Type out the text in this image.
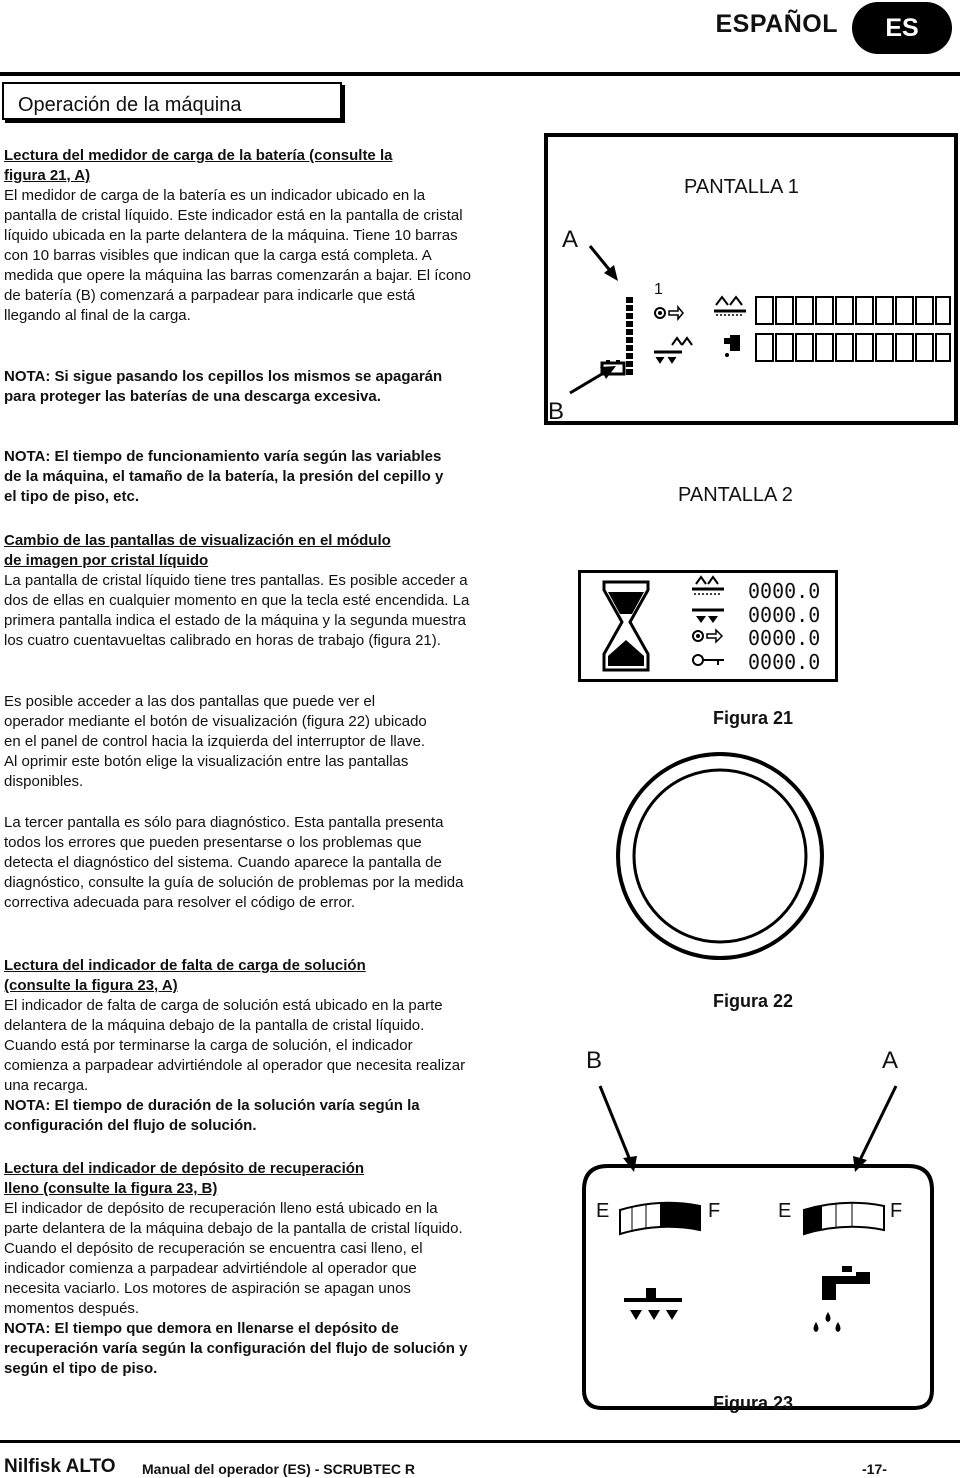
ESPAÑOL	ES
Operación de la máquina

Lectura del medidor de carga de la batería (consulte la

figura 21, A)

El medidor de carga de la batería es un indicador ubicado en la pantalla de cristal líquido. Este indicador está en la pantalla de cristal líquido ubicada en la parte delantera de la máquina. Tiene 10 barras con 10 barras visibles que indican que la carga está completa. A medida que opere la máquina las barras comenzarán a bajar. El ícono de batería (B) comenzará a parpadear para indicarle que está llegando al final de la carga.

NOTA: Si sigue pasando los cepillos los mismos se apagarán para proteger las baterías de una descarga excesiva.
NOTA: El tiempo de funcionamiento varía según las variables de la máquina, el tamaño de la batería, la presión del cepillo y el tipo de piso, etc.

Cambio de las pantallas de visualización en el módulo

de imagen por cristal líquido

La pantalla de cristal líquido tiene tres pantallas. Es posible acceder a dos de ellas en cualquier momento en que la tecla esté encendida. La primera pantalla indica el estado de la máquina y la segunda muestra los cuatro cuentavueltas calibrado en horas de trabajo (figura 21).

Es posible acceder a las dos pantallas que puede ver el operador mediante el botón de visualización (figura 22) ubicado en el panel de control hacia la izquierda del interruptor de llave. Al oprimir este botón elige la visualización entre las pantallas disponibles.
La tercer pantalla es sólo para diagnóstico. Esta pantalla presenta todos los errores que pueden presentarse o los problemas que detecta el diagnóstico del sistema. Cuando aparece la pantalla de diagnóstico, consulte la guía de solución de problemas por la medida correctiva adecuada para resolver el código de error.

Lectura del indicador de falta de carga de solución

(consulte la figura 23, A)

El indicador de falta de carga de solución está ubicado en la parte delantera de la máquina debajo de la pantalla de cristal líquido. Cuando está por terminarse la carga de solución, el indicador comienza a parpadear advirtiéndole al operador que necesita realizar una recarga.

NOTA: El tiempo de duración de la solución varía según la configuración del flujo de solución.

Lectura del indicador de depósito de recuperación

lleno (consulte la figura 23, B)

El indicador de depósito de recuperación lleno está ubicado en la parte delantera de la máquina debajo de la pantalla de cristal líquido. Cuando el depósito de recuperación se encuentra casi lleno, el indicador comienza a parpadear advirtiéndole al operador que necesita vaciarlo. Los motores de aspiración se apagan unos momentos después.

NOTA: El tiempo que demora en llenarse el depósito de recuperación varía según la configuración del flujo de solución y según el tipo de piso.

PANTALLA 1
A
B
1
PANTALLA 2
0000.0
0000.0
0000.0
0000.0
Figura 21
Figura 22
B	A
E	F	E	F
Figura 23
Nilfisk ALTO Manual del operador (ES) - SCRUBTEC R	-17-
